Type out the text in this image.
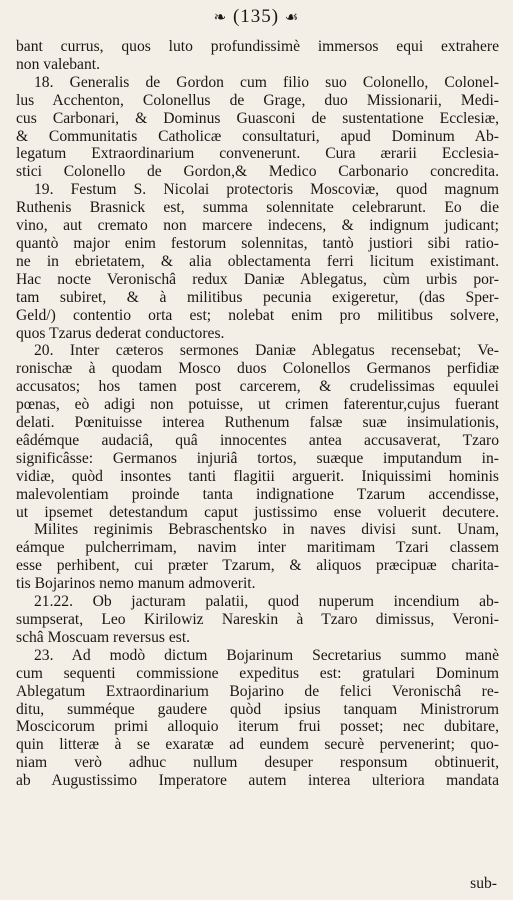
❧ (135) ☙
bant currus, quos luto profundissimè immersos equi extrahere
non valebant.
18. Generalis de Gordon cum filio suo Colonello, Colonel-
lus Acchenton, Colonellus de Grage, duo Missionarii, Medi-
cus Carbonari, & Dominus Guasconi de sustentatione Ecclesiæ,
& Communitatis Catholicæ consultaturi, apud Dominum Ab-
legatum Extraordinarium convenerunt. Cura ærarii Ecclesia-
stici Colonello de Gordon,& Medico Carbonario concredita.
19. Festum S. Nicolai protectoris Moscoviæ, quod magnum
Ruthenis Brasnick est, summa solennitate celebrarunt. Eo die
vino, aut cremato non marcere indecens, & indignum judicant;
quantò major enim festorum solennitas, tantò justiori sibi ratio-
ne in ebrietatem, & alia oblectamenta ferri licitum existimant.
Hac nocte Veronischâ redux Daniæ Ablegatus, cùm urbis por-
tam subiret, & à militibus pecunia exigeretur, (das Sper-
Geld/) contentio orta est; nolebat enim pro militibus solvere,
quos Tzarus dederat conductores.
20. Inter cæteros sermones Daniæ Ablegatus recensebat; Ve-
ronischæ à quodam Mosco duos Colonellos Germanos perfidiæ
accusatos; hos tamen post carcerem, & crudelissimas equulei
pœnas, eò adigi non potuisse, ut crimen faterentur,cujus fuerant
delati. Pœnituisse interea Ruthenum falsæ suæ insimulationis,
eâdémque audaciâ, quâ innocentes antea accusaverat, Tzaro
significâsse: Germanos injuriâ tortos, suæque imputandum in-
vidiæ, quòd insontes tanti flagitii arguerit. Iniquissimi hominis
malevolentiam proinde tanta indignatione Tzarum accendisse,
ut ipsemet detestandum caput justissimo ense voluerit decutere.
Milites reginimis Bebraschentsko in naves divisi sunt. Unam,
eámque pulcherrimam, navim inter maritimam Tzari classem
esse perhibent, cui præter Tzarum, & aliquos præcipuæ charita-
tis Bojarinos nemo manum admoverit.
21.22. Ob jacturam palatii, quod nuperum incendium ab-
sumpserat, Leo Kirilowiz Nareskin à Tzaro dimissus, Veroni-
schâ Moscuam reversus est.
23. Ad modò dictum Bojarinum Secretarius summo manè
cum sequenti commissione expeditus est: gratulari Dominum
Ablegatum Extraordinarium Bojarino de felici Veronischâ re-
ditu, summéque gaudere quòd ipsius tanquam Ministrorum
Moscicorum primi alloquio iterum frui posset; nec dubitare,
quin litteræ à se exaratæ ad eundem securè pervenerint; quo-
niam verò adhuc nullum desuper responsum obtinuerit,
ab Augustissimo Imperatore autem interea ulteriora mandata
sub-
